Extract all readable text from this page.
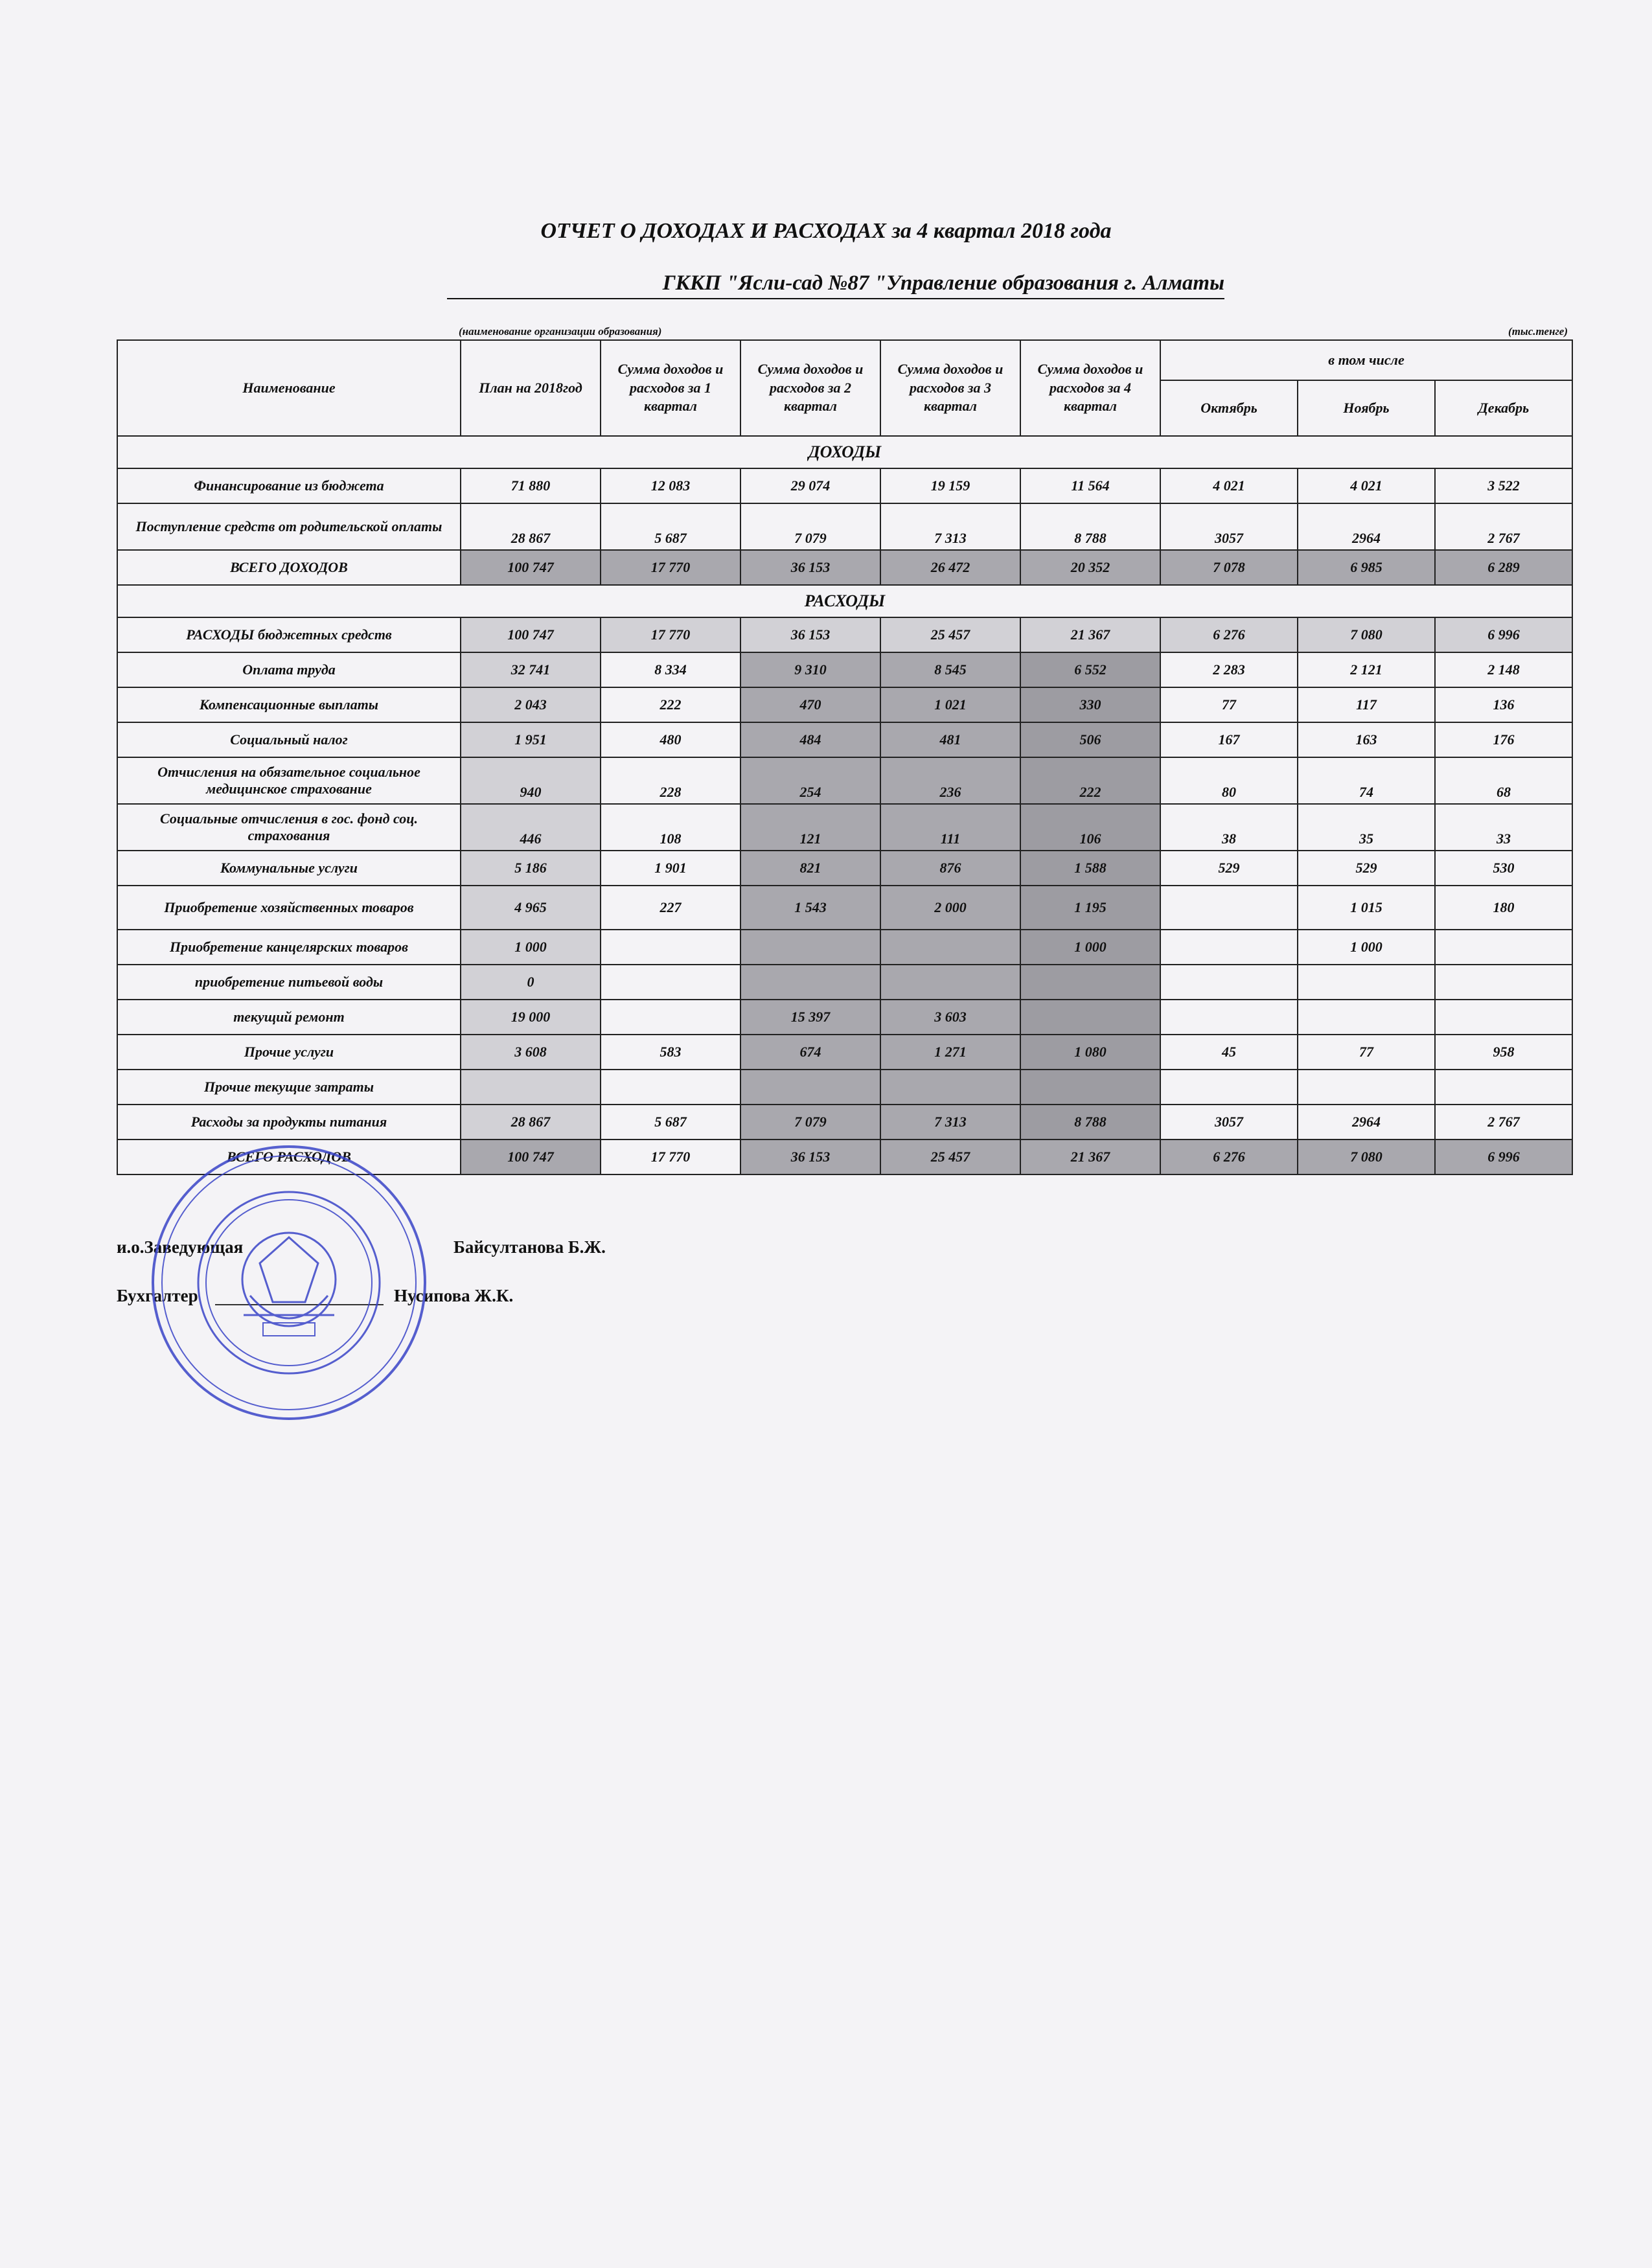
ОТЧЕТ О ДОХОДАХ И РАСХОДАХ за 4 квартал 2018 года
ГККП "Ясли-сад №87 "Управление образования г. Алматы
(наименование организации образования)	(тыс.тенге)
Наименование	План на 2018год	Сумма доходов и расходов за 1 квартал	Сумма доходов и расходов за 2 квартал	Сумма доходов и расходов за 3 квартал	Сумма доходов и расходов за 4 квартал	в том числе		
						Октябрь	Ноябрь	Декабрь
ДОХОДЫ								
Финансирование из бюджета	71 880	12 083	29 074	19 159	11 564	4 021	4 021	3 522
Поступление средств от родительской оплаты	28 867	5 687	7 079	7 313	8 788	3057	2964	2 767
ВСЕГО ДОХОДОВ	100 747	17 770	36 153	26 472	20 352	7 078	6 985	6 289
РАСХОДЫ								
РАСХОДЫ бюджетных средств	100 747	17 770	36 153	25 457	21 367	6 276	7 080	6 996
Оплата труда	32 741	8 334	9 310	8 545	6 552	2 283	2 121	2 148
Компенсационные выплаты	2 043	222	470	1 021	330	77	117	136
Социальный налог	1 951	480	484	481	506	167	163	176
Отчисления на обязательное социальное медицинское страхование	940	228	254	236	222	80	74	68
Социальные отчисления в гос. фонд соц. страхования	446	108	121	111	106	38	35	33
Коммунальные услуги	5 186	1 901	821	876	1 588	529	529	530
Приобретение хозяйственных товаров	4 965	227	1 543	2 000	1 195		1 015	180
Приобретение канцелярских товаров	1 000				1 000		1 000	
приобретение питьевой воды	0							
текущий ремонт	19 000		15 397	3 603				
Прочие услуги	3 608	583	674	1 271	1 080	45	77	958
Прочие текущие затраты								
Расходы за продукты питания	28 867	5 687	7 079	7 313	8 788	3057	2964	2 767
ВСЕГО РАСХОДОВ	100 747	17 770	36 153	25 457	21 367	6 276	7 080	6 996
и.о.Заведующая	Байсултанова Б.Ж.
Бухгалтер	Нусипова Ж.К.
